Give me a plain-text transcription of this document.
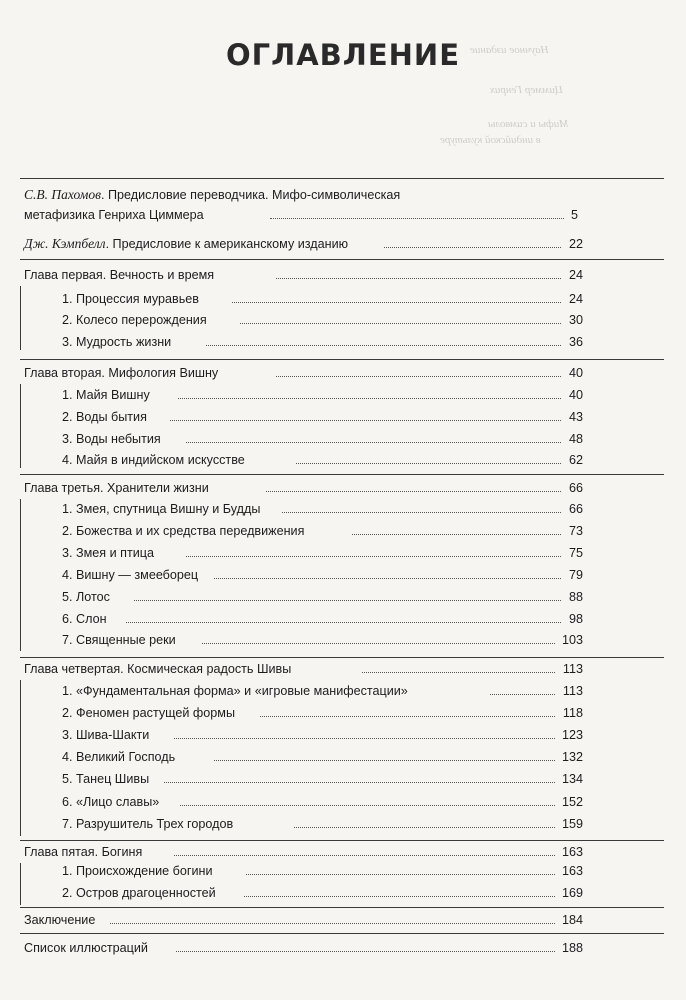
Научное издание
Циммер Генрих
Мифы и символы
в индийской культуре
ОГЛАВЛЕНИЕ
С.В. Пахомов. Предисловие переводчика. Мифо-символическая
метафизика Генриха Циммера	5
Дж. Кэмпбелл. Предисловие к американскому изданию	22
Глава первая. Вечность и время	24
1. Процессия муравьев	24
2. Колесо перерождения	30
3. Мудрость жизни	36
Глава вторая. Мифология Вишну	40
1. Майя Вишну	40
2. Воды бытия	43
3. Воды небытия	48
4. Майя в индийском искусстве	62
Глава третья. Хранители жизни	66
1. Змея, спутница Вишну и Будды	66
2. Божества и их средства передвижения	73
3. Змея и птица	75
4. Вишну — змееборец	79
5. Лотос	88
6. Слон	98
7. Священные реки	103
Глава четвертая. Космическая радость Шивы	113
1. «Фундаментальная форма» и «игровые манифестации»	113
2. Феномен растущей формы	118
3. Шива-Шакти	123
4. Великий Господь	132
5. Танец Шивы	134
6. «Лицо славы»	152
7. Разрушитель Трех городов	159
Глава пятая. Богиня	163
1. Происхождение богини	163
2. Остров драгоценностей	169
Заключение	184
Список иллюстраций	188
